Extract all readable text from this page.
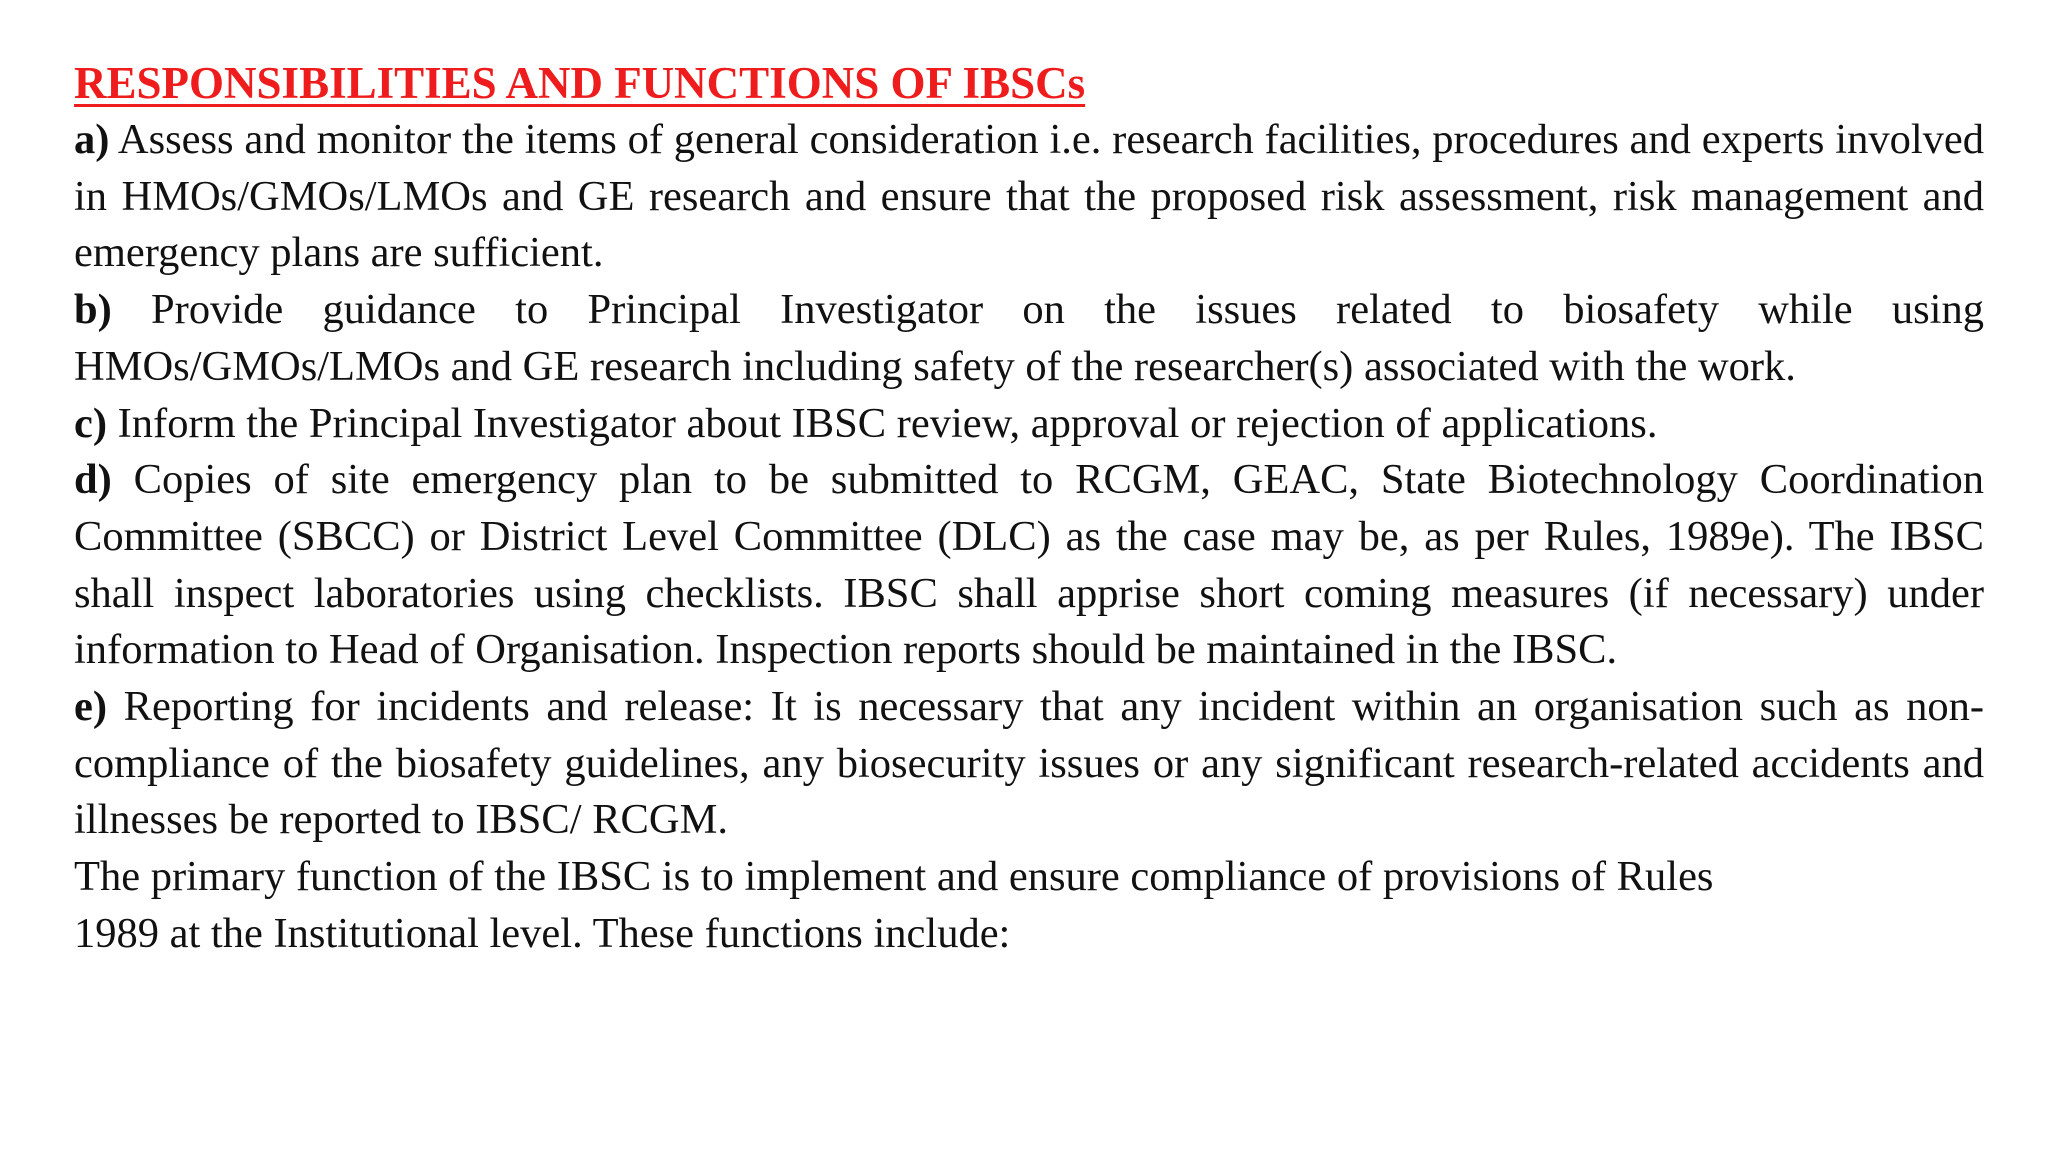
RESPONSIBILITIES AND FUNCTIONS OF IBSCs

a) Assess and monitor the items of general consideration i.e. research facilities, procedures and experts involved in HMOs/GMOs/LMOs and GE research and ensure that the proposed risk assessment, risk management and emergency plans are sufficient.

b) Provide guidance to Principal Investigator on the issues related to biosafety while using HMOs/GMOs/LMOs and GE research including safety of the researcher(s) associated with the work.

c) Inform the Principal Investigator about IBSC review, approval or rejection of applications.

d) Copies of site emergency plan to be submitted to RCGM, GEAC, State Biotechnology Coordination Committee (SBCC) or District Level Committee (DLC) as the case may be, as per Rules, 1989e). The IBSC shall inspect laboratories using checklists. IBSC shall apprise short coming measures (if necessary) under information to Head of Organisation. Inspection reports should be maintained in the IBSC.

e) Reporting for incidents and release: It is necessary that any incident within an organisation such as non-compliance of the biosafety guidelines, any biosecurity issues or any significant research-related accidents and illnesses be reported to IBSC/ RCGM.

The primary function of the IBSC is to implement and ensure compliance of provisions of Rules
1989 at the Institutional level. These functions include:
